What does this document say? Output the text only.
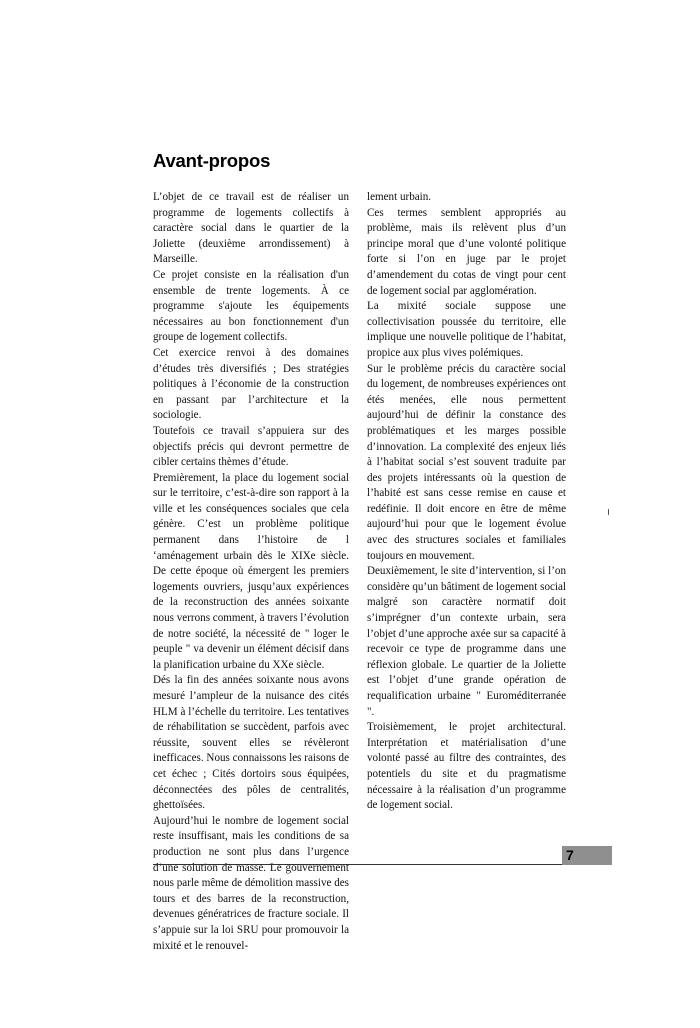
Avant-propos

L’objet de ce travail est de réaliser un programme de logements collectifs à caractère social dans le quartier de la Joliette (deuxième arrondissement) à Marseille.

Ce projet consiste en la réalisation d'un ensemble de trente logements. À ce programme s'ajoute les équipements nécessaires au bon fonctionnement d'un groupe de logement collectifs.

Cet exercice renvoi à des domaines d’études très diversifiés ; Des stratégies politiques à l’économie de la construction en passant par l’architecture et la sociologie.

Toutefois ce travail s’appuiera sur des objectifs précis qui devront permettre de cibler certains thèmes d’étude.

Premièrement, la place du logement social sur le territoire, c’est-à-dire son rapport à la ville et les conséquences sociales que cela génère. C’est un problème politique permanent dans l’histoire de l ‘aménagement urbain dès le XIXe siècle. De cette époque où émergent les premiers logements ouvriers, jusqu’aux expériences de la reconstruction des années soixante nous verrons comment, à travers l’évolution de notre société, la nécessité de " loger le peuple " va devenir un élément décisif dans la planification urbaine du XXe siècle.

Dés la fin des années soixante nous avons mesuré l’ampleur de la nuisance des cités HLM à l’échelle du territoire. Les tentatives de réhabilitation se succèdent, parfois avec réussite, souvent elles se révèleront inefficaces. Nous connaissons les raisons de cet échec ; Cités dortoirs sous équipées, déconnectées des pôles de centralités, ghettoïsées.

Aujourd’hui le nombre de logement social reste insuffisant, mais les conditions de sa production ne sont plus dans l’urgence d’une solution de masse. Le gouvernement nous parle même de démolition massive des tours et des barres de la reconstruction, devenues génératrices de fracture sociale. Il s’appuie sur la loi SRU pour promouvoir la mixité et le renouvel-

lement urbain.

Ces termes semblent appropriés au problème, mais ils relèvent plus d’un principe moral que d’une volonté politique forte si l’on en juge par le projet d’amendement du cotas de vingt pour cent de logement social par agglomération.

La mixité sociale suppose une collectivisation poussée du territoire, elle implique une nouvelle politique de l’habitat, propice aux plus vives polémiques.

Sur le problème précis du caractère social du logement, de nombreuses expériences ont étés menées, elle nous permettent aujourd’hui de définir la constance des problématiques et les marges possible d’innovation. La complexité des enjeux liés à l’habitat social s’est souvent traduite par des projets intéressants où la question de l’habité est sans cesse remise en cause et redéfinie. Il doit encore en être de même aujourd’hui pour que le logement évolue avec des structures sociales et familiales toujours en mouvement.

Deuxièmement, le site d’intervention, si l’on considère qu’un bâtiment de logement social malgré son caractère normatif doit s’imprégner d’un contexte urbain, sera l’objet d’une approche axée sur sa capacité à recevoir ce type de programme dans une réflexion globale. Le quartier de la Joliette est l’objet d’une grande opération de requalification urbaine " Euroméditerranée ".

Troisièmement, le projet architectural. Interprétation et matérialisation d’une volonté passé au filtre des contraintes, des potentiels du site et du pragmatisme nécessaire à la réalisation d’un programme de logement social.

7
